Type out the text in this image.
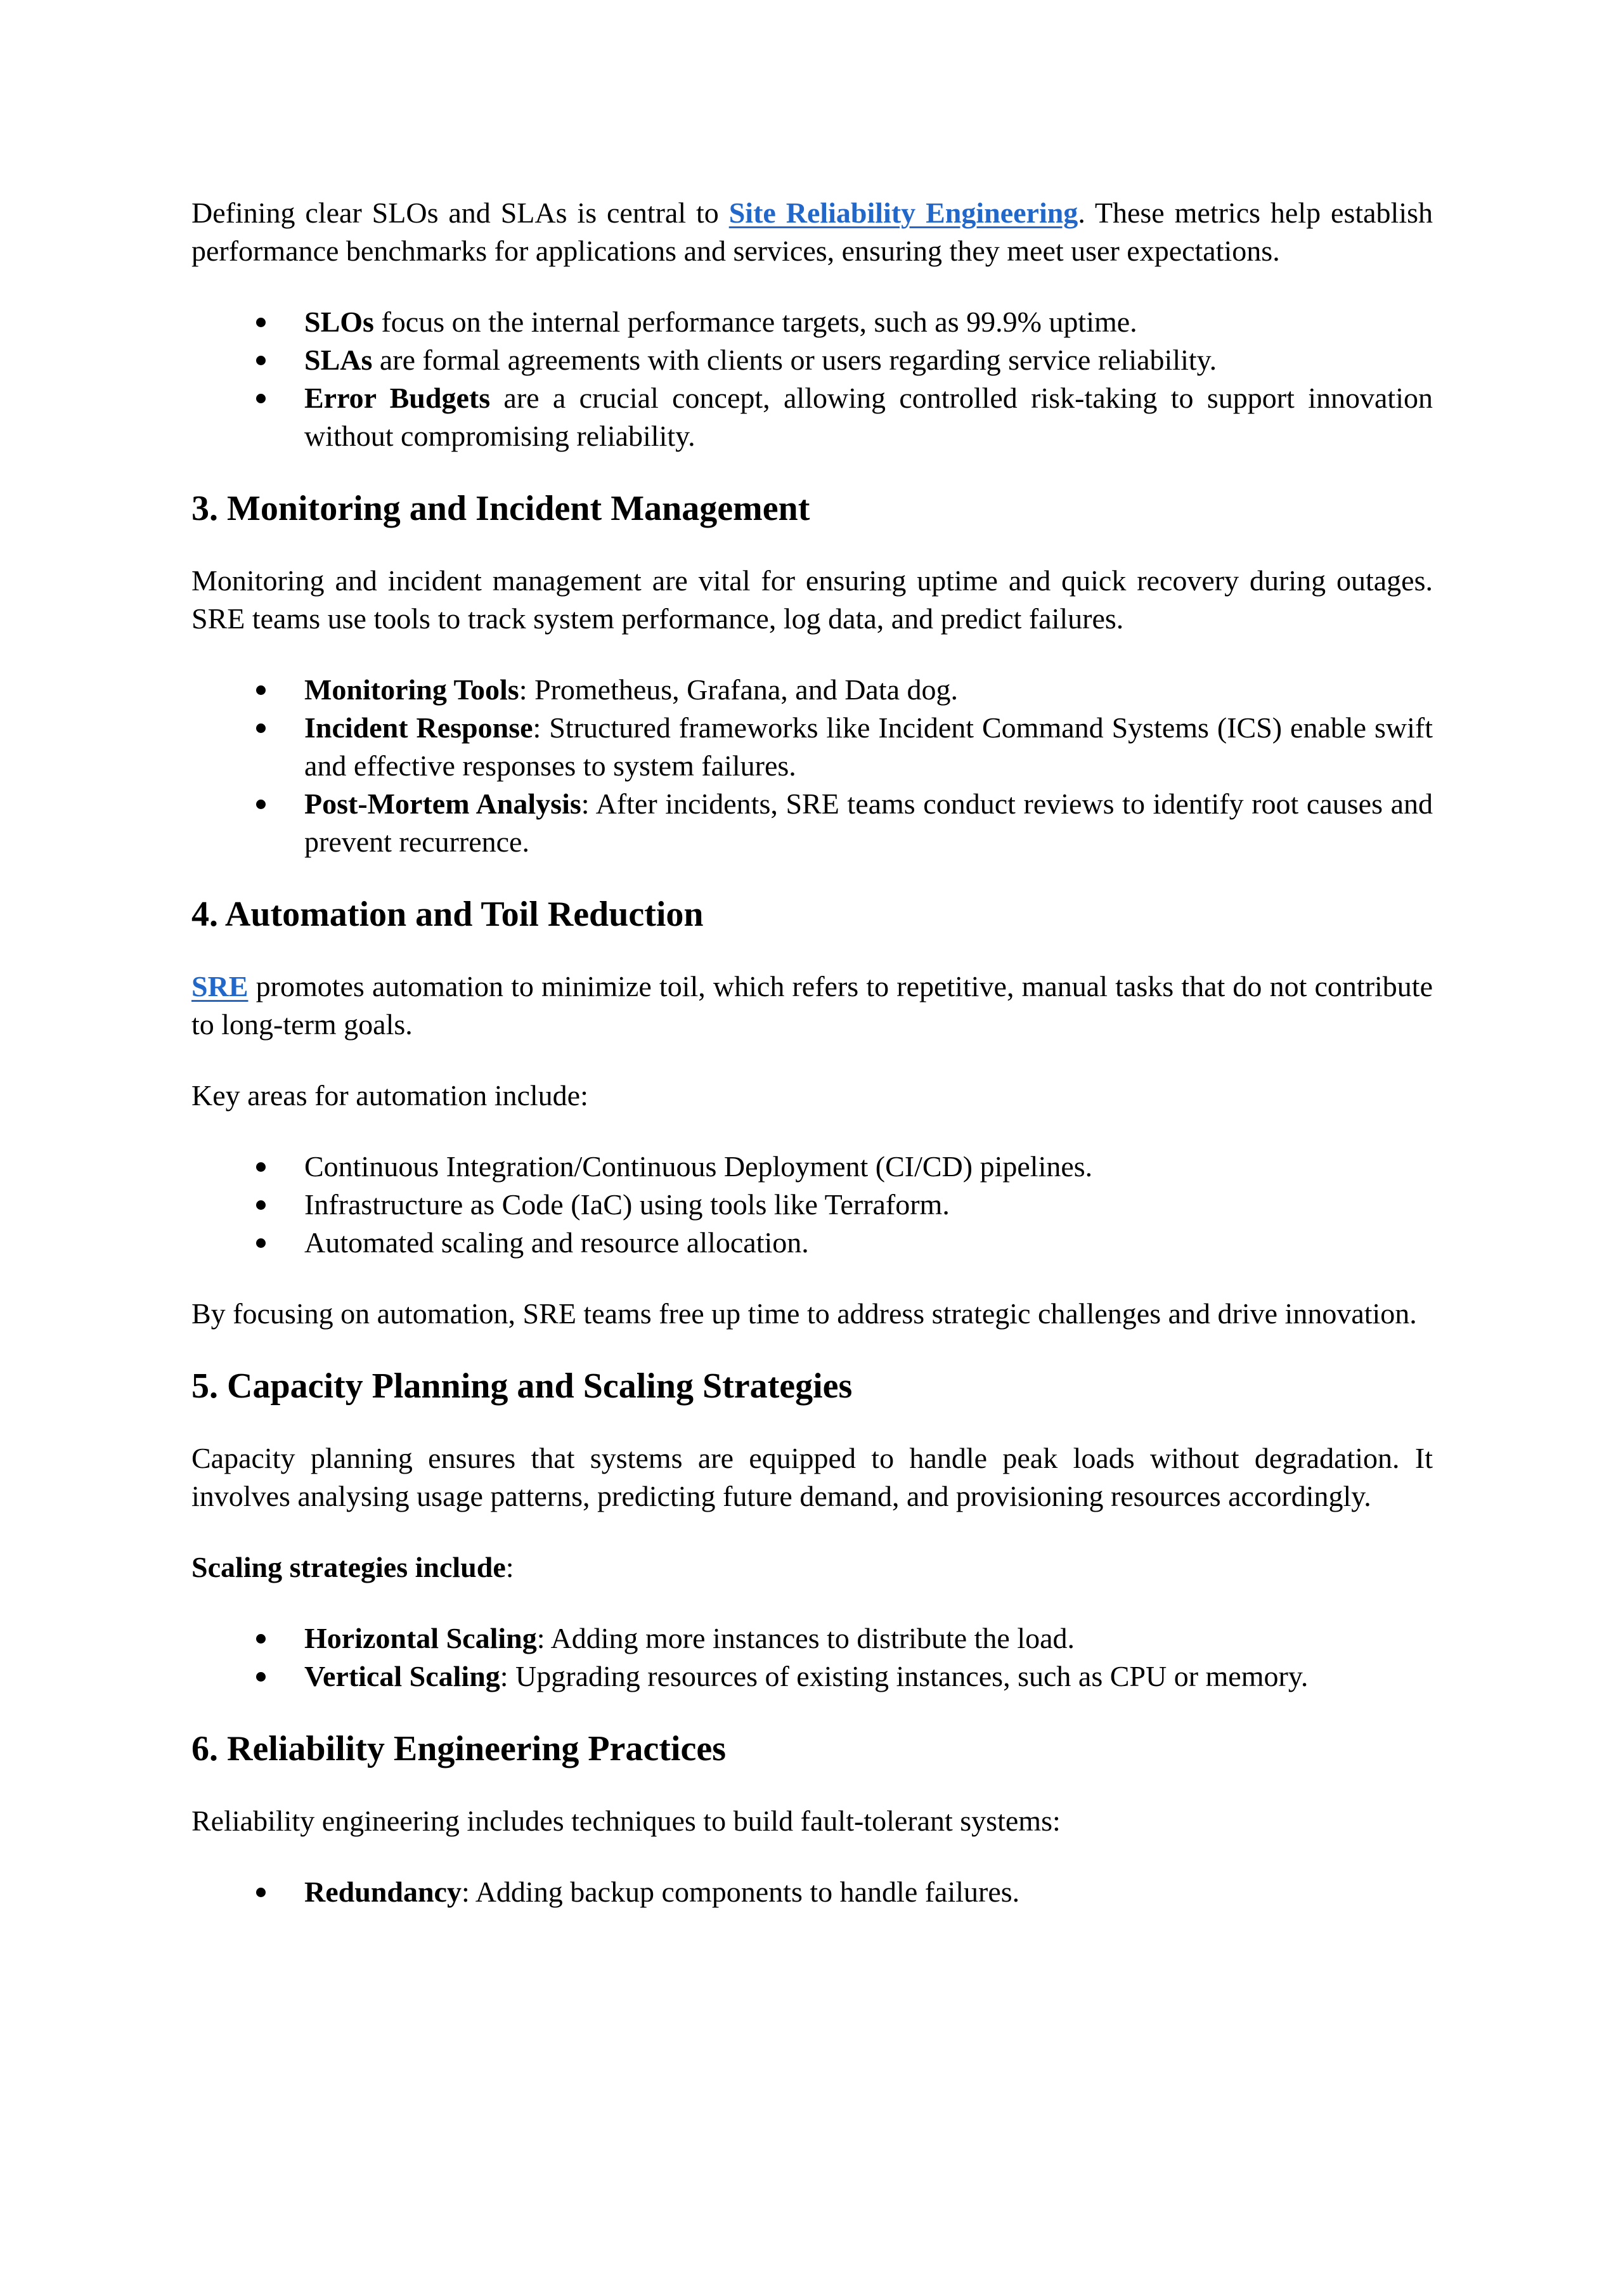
Defining clear SLOs and SLAs is central to Site Reliability Engineering. These metrics help establish performance benchmarks for applications and services, ensuring they meet user expectations.

SLOs focus on the internal performance targets, such as 99.9% uptime.
SLAs are formal agreements with clients or users regarding service reliability.
Error Budgets are a crucial concept, allowing controlled risk-taking to support innovation without compromising reliability.
3. Monitoring and Incident Management

Monitoring and incident management are vital for ensuring uptime and quick recovery during outages. SRE teams use tools to track system performance, log data, and predict failures.

Monitoring Tools: Prometheus, Grafana, and Data dog.
Incident Response: Structured frameworks like Incident Command Systems (ICS) enable swift and effective responses to system failures.
Post-Mortem Analysis: After incidents, SRE teams conduct reviews to identify root causes and prevent recurrence.
4. Automation and Toil Reduction

SRE promotes automation to minimize toil, which refers to repetitive, manual tasks that do not contribute to long-term goals.

Key areas for automation include:

Continuous Integration/Continuous Deployment (CI/CD) pipelines.
Infrastructure as Code (IaC) using tools like Terraform.
Automated scaling and resource allocation.

By focusing on automation, SRE teams free up time to address strategic challenges and drive innovation.

5. Capacity Planning and Scaling Strategies

Capacity planning ensures that systems are equipped to handle peak loads without degradation. It involves analysing usage patterns, predicting future demand, and provisioning resources accordingly.

Scaling strategies include:

Horizontal Scaling: Adding more instances to distribute the load.
Vertical Scaling: Upgrading resources of existing instances, such as CPU or memory.
6. Reliability Engineering Practices

Reliability engineering includes techniques to build fault-tolerant systems:

Redundancy: Adding backup components to handle failures.
